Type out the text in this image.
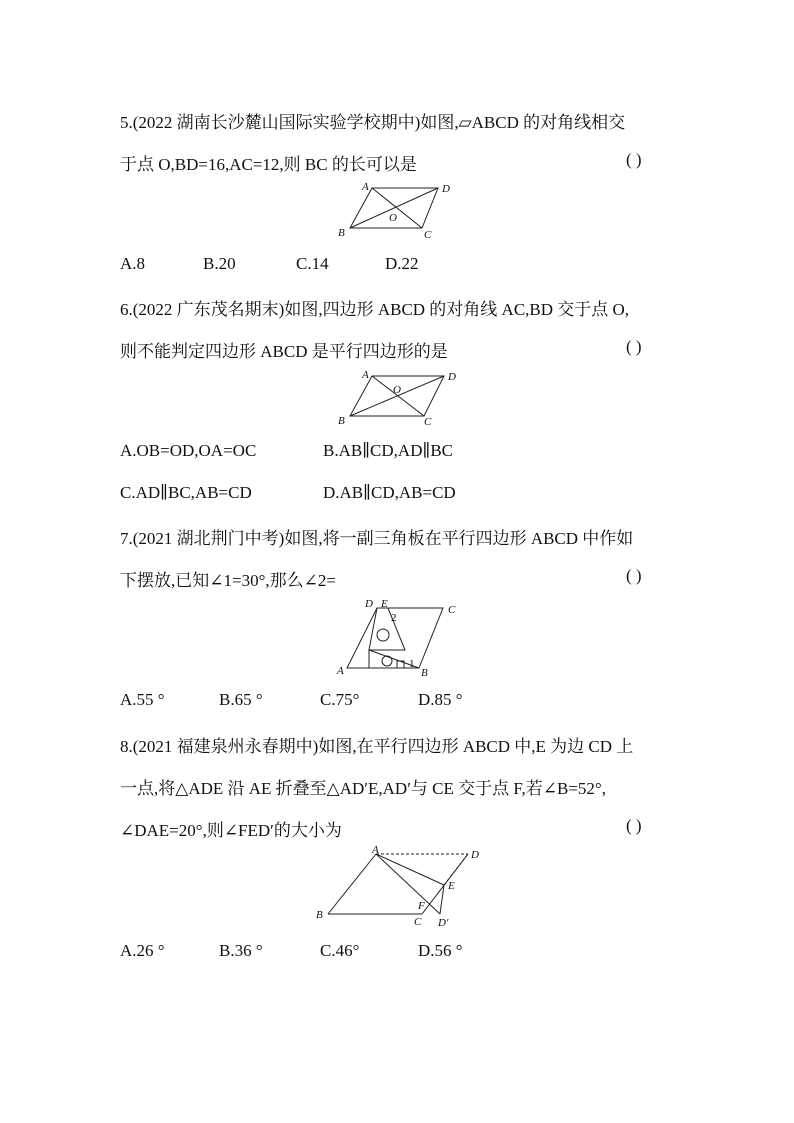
5.(2022 湖南长沙麓山国际实验学校期中)如图,▱ABCD 的对角线相交
于点 O,BD=16,AC=12,则 BC 的长可以是	( )
A	D
B	C
O
A.8	B.20	C.14	D.22
6.(2022 广东茂名期末)如图,四边形 ABCD 的对角线 AC,BD 交于点 O,
则不能判定四边形 ABCD 是平行四边形的是	( )
A	D
B	C
O
A.OB=OD,OA=OC	B.AB∥CD,AD∥BC
C.AD∥BC,AB=CD	D.AB∥CD,AB=CD
7.(2021 湖北荆门中考)如图,将一副三角板在平行四边形 ABCD 中作如
下摆放,已知∠1=30°,那么∠2=	( )
D E	C
A	B
2
1
A.55 °	B.65 °	C.75°	D.85 °
8.(2021 福建泉州永春期中)如图,在平行四边形 ABCD 中,E 为边 CD 上
一点,将△ADE 沿 AE 折叠至△AD′E,AD′与 CE 交于点 F,若∠B=52°,
∠DAE=20°,则∠FED′的大小为	( )
A	D
E
B
F
C D′
A.26 °	B.36 °	C.46°	D.56 °
